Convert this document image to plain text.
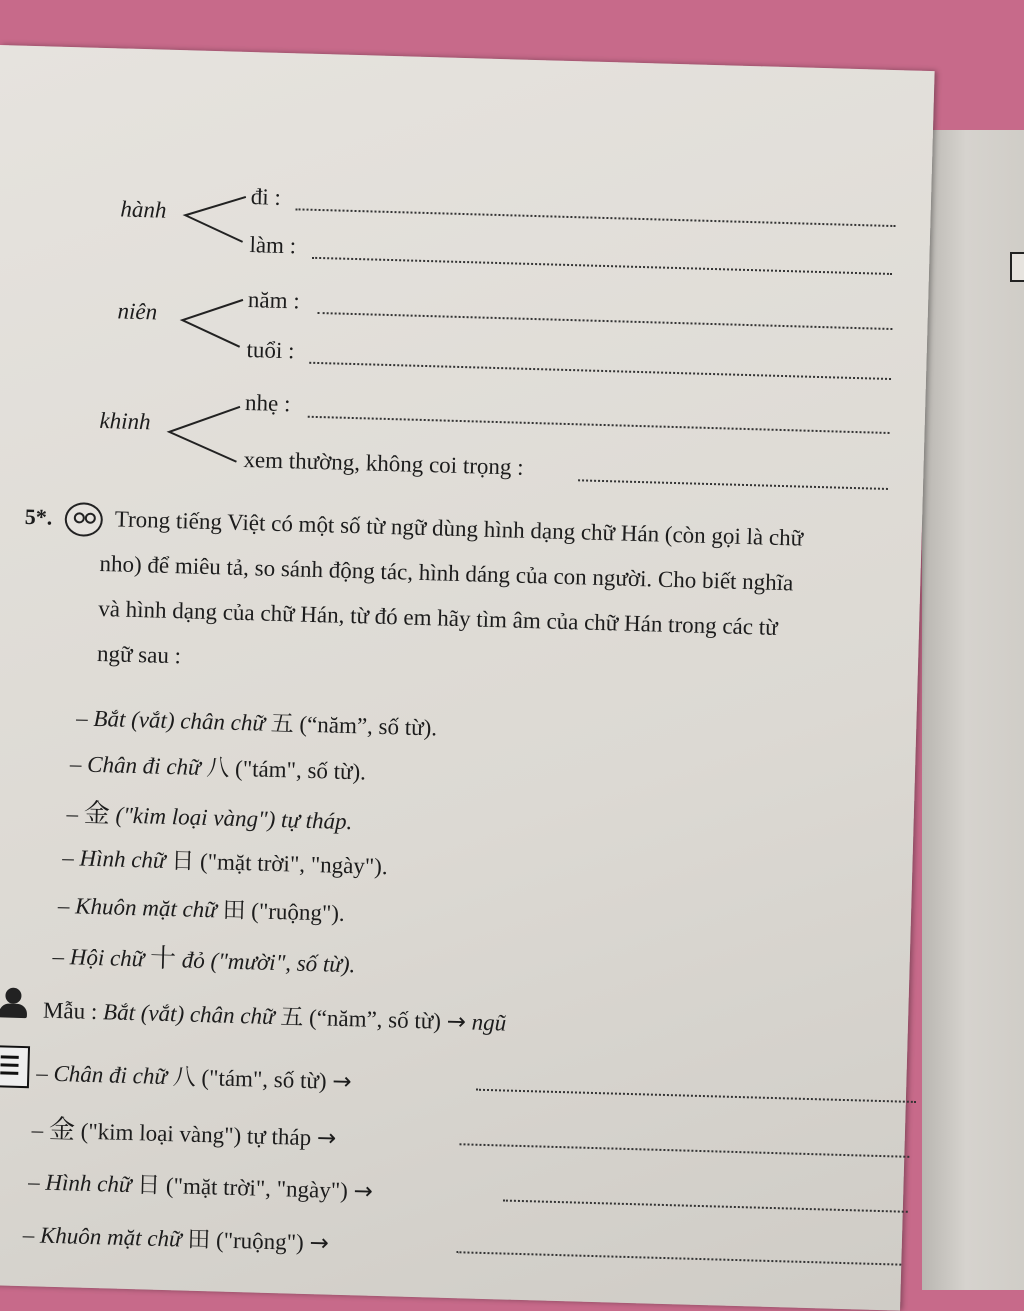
hành	đi :
làm :
niên	năm :
tuổi :
khinh
nhẹ :
xem thường, không coi trọng :
5*.	Trong tiếng Việt có một số từ ngữ dùng hình dạng chữ Hán (còn gọi là chữ
nho) để miêu tả, so sánh động tác, hình dáng của con người. Cho biết nghĩa
và hình dạng của chữ Hán, từ đó em hãy tìm âm của chữ Hán trong các từ
ngữ sau :
– Bắt (vắt) chân chữ 五 (“năm”, số từ).
– Chân đi chữ 八 ("tám", số từ).
– 金 ("kim loại vàng") tự tháp.
– Hình chữ 日 ("mặt trời", "ngày").
– Khuôn mặt chữ 田 ("ruộng").
– Hội chữ 十 đỏ ("mười", số từ).
Mẫu : Bắt (vắt) chân chữ 五 (“năm”, số từ) → ngũ
– Chân đi chữ 八 ("tám", số từ) →
– 金 ("kim loại vàng") tự tháp →
– Hình chữ 日 ("mặt trời", "ngày") →
– Khuôn mặt chữ 田 ("ruộng") →
